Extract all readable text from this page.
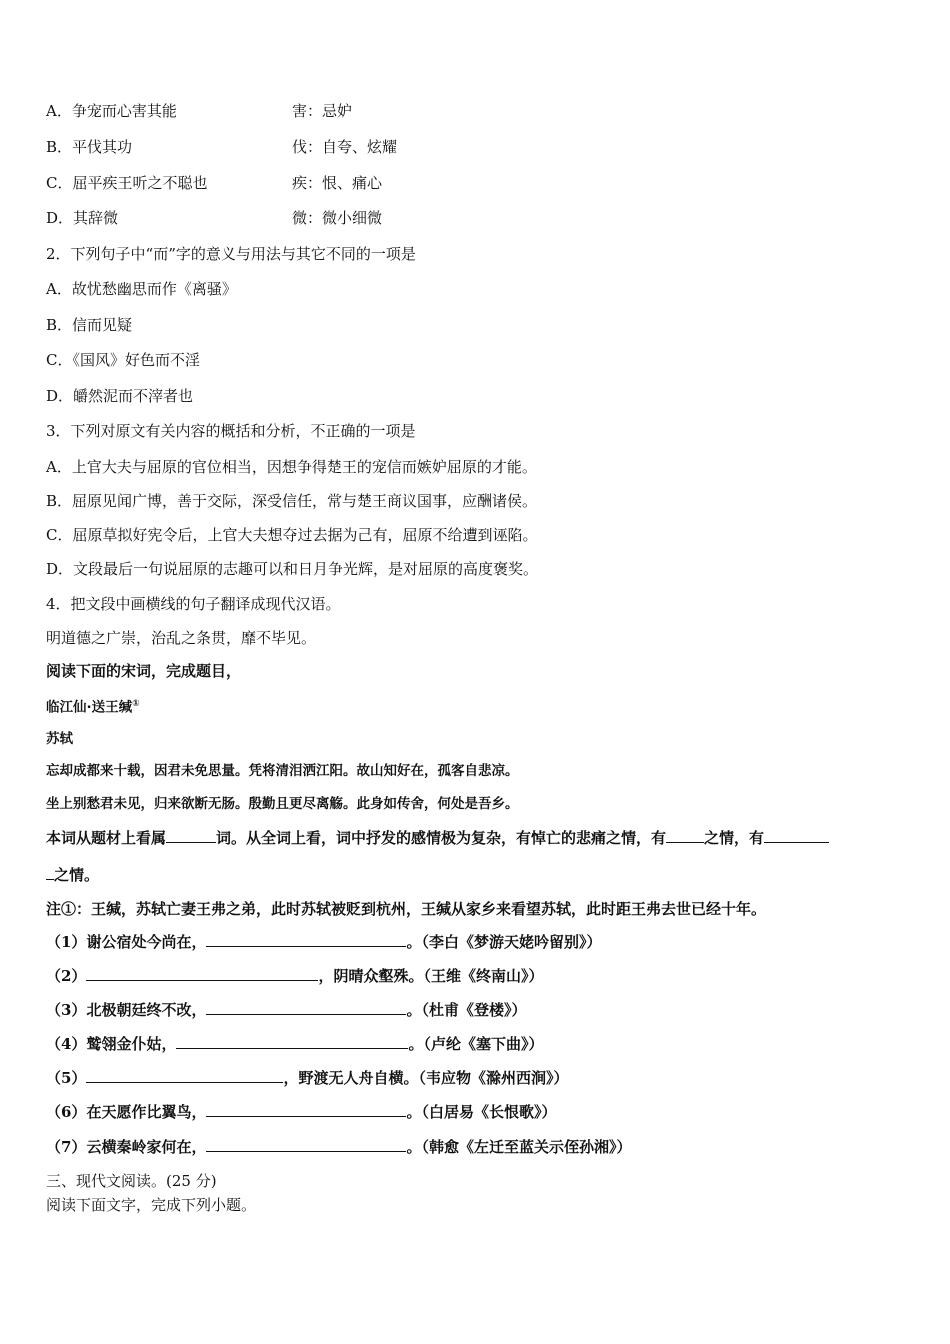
A．争宠而心害其能	害：忌妒
B．平伐其功	伐：自夸、炫耀
C．屈平疾王听之不聪也	疾：恨、痛心
D．其辞微	微：微小细微
2．下列句子中“而”字的意义与用法与其它不同的一项是
A．故忧愁幽思而作《离骚》
B．信而见疑
C．《国风》好色而不淫
D．皭然泥而不滓者也
3．下列对原文有关内容的概括和分析，不正确的一项是
A．上官大夫与屈原的官位相当，因想争得楚王的宠信而嫉妒屈原的才能。
B．屈原见闻广博，善于交际，深受信任，常与楚王商议国事，应酬诸侯。
C．屈原草拟好宪令后，上官大夫想夺过去据为己有，屈原不给遭到诬陷。
D．文段最后一句说屈原的志趣可以和日月争光辉，是对屈原的高度褒奖。
4．把文段中画横线的句子翻译成现代汉语。
明道德之广崇，治乱之条贯，靡不毕见。
阅读下面的宋词，完成题目，
临江仙·送王缄①
苏轼
忘却成都来十载，因君未免思量。凭将清泪洒江阳。故山知好在，孤客自悲凉。
坐上别愁君未见，归来欲断无肠。殷勤且更尽离觞。此身如传舍，何处是吾乡。
本词从题材上看属	词。从全词上看，词中抒发的感情极为复杂，有悼亡的悲痛之情，有	之情，有
之情。
注①：王缄，苏轼亡妻王弗之弟，此时苏轼被贬到杭州，王缄从家乡来看望苏轼，此时距王弗去世已经十年。
（1）谢公宿处今尚在，	。（李白《梦游天姥吟留别》）
（2）	，阴晴众壑殊。（王维《终南山》）
（3）北极朝廷终不改，	。（杜甫《登楼》）
（4）鹫翎金仆姑，	。（卢纶《塞下曲》）
（5）	，野渡无人舟自横。（韦应物《滁州西涧》）
（6）在天愿作比翼鸟，	。（白居易《长恨歌》）
（7）云横秦岭家何在，	。（韩愈《左迁至蓝关示侄孙湘》）
三、现代文阅读。(25 分)
阅读下面文字，完成下列小题。
